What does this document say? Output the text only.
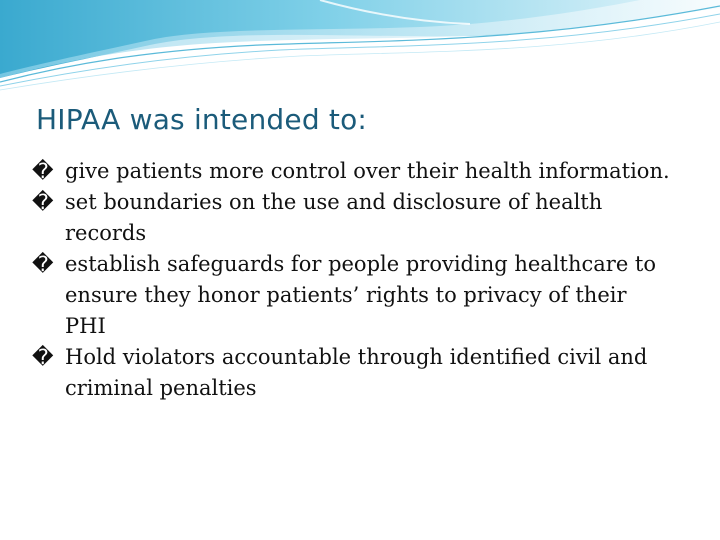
HIPAA was intended to:
� give patients more control over their health information.
� set boundaries on the use and disclosure of health records
� establish safeguards for people providing healthcare to ensure they honor patients’ rights to privacy of their PHI
� Hold violators accountable through identified civil and criminal penalties
